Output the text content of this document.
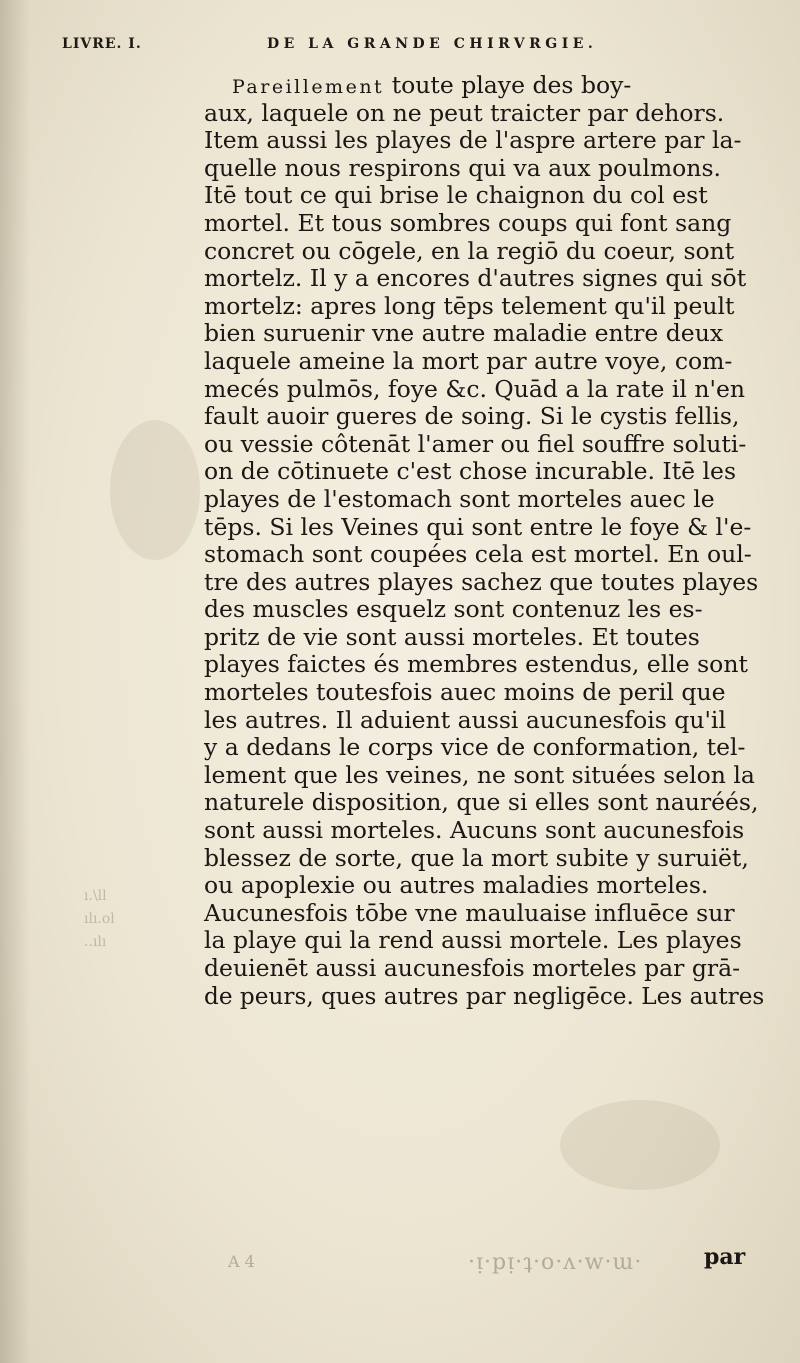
LIVRE. I.	DE LA GRANDE CHIRVRGIE.
Pareillement toute playe des boy-
aux, laquele on ne peut traicter par dehors.
Item aussi les playes de l'aspre artere par la-
quelle nous respirons qui va aux poulmons.
Itē tout ce qui brise le chaignon du col est
mortel. Et tous sombres coups qui font sang
concret ou cōgele, en la regiō du coeur, sont
mortelz. Il y a encores d'autres signes qui sōt
mortelz: apres long tēps telement qu'il peult
bien suruenir vne autre maladie entre deux
laquele ameine la mort par autre voye, com-
mecés pulmōs, foye &c. Quād a la rate il n'en
fault auoir gueres de soing. Si le cystis fellis,
ou vessie côtenāt l'amer ou fiel souffre soluti-
on de cōtinuete c'est chose incurable. Itē les
playes de l'estomach sont morteles auec le
tēps. Si les Veines qui sont entre le foye & l'e-
stomach sont coupées cela est mortel. En oul-
tre des autres playes sachez que toutes playes
des muscles esquelz sont contenuz les es-
pritz de vie sont aussi morteles. Et toutes
playes faictes és membres estendus, elle sont
morteles toutesfois auec moins de peril que
les autres. Il aduient aussi aucunesfois qu'il
y a dedans le corps vice de conformation, tel-
lement que les veines, ne sont situées selon la
naturele disposition, que si elles sont nauréés,
sont aussi morteles. Aucuns sont aucunesfois
blessez de sorte, que la mort subite y suruiët,
ou apoplexie ou autres maladies morteles.
Aucunesfois tōbe vne mauluaise influēce sur
la playe qui la rend aussi mortele. Les playes
deuienēt aussi aucunesfois morteles par grā-
de peurs, ques autres par negligēce. Les autres
ı.\ll
ılı.ol
..ılı
A 4	·ᴉ·pᴉ·ʇ·o·ʌ·w·ɯ·	par
